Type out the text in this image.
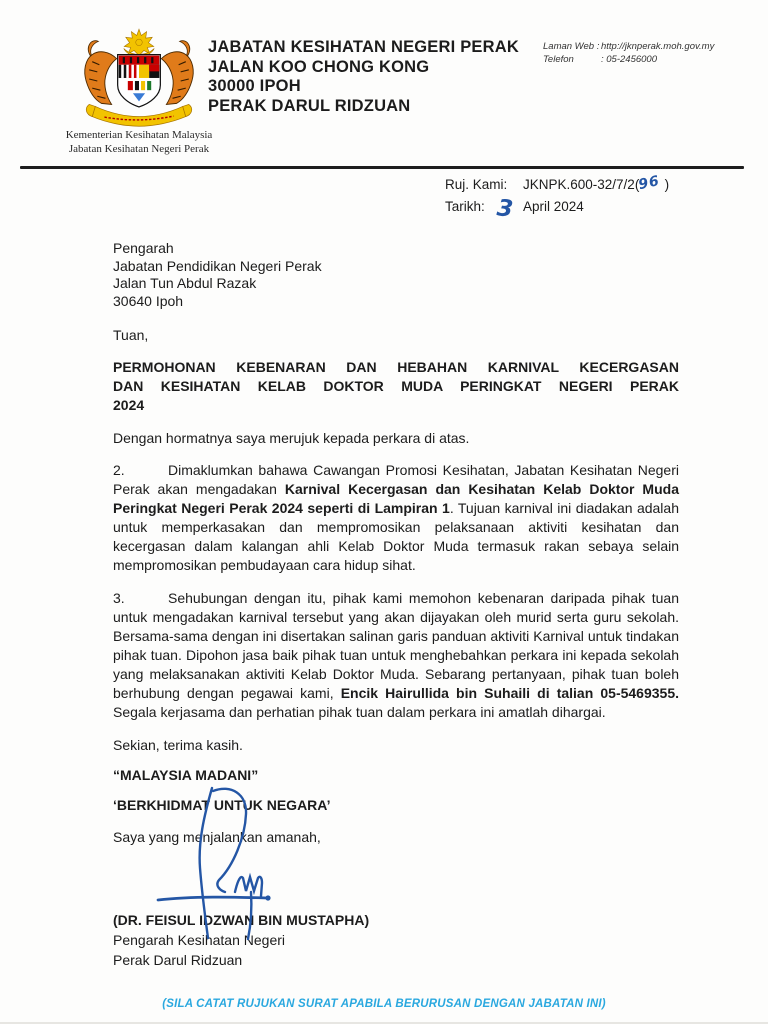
Kementerian Kesihatan Malaysia
Jabatan Kesihatan Negeri Perak
JABATAN KESIHATAN NEGERI PERAK
JALAN KOO CHONG KONG
30000 IPOH
PERAK DARUL RIDZUAN
Laman Web : http://jknperak.moh.gov.my
Telefon	: 05-2456000
Ruj. Kami:	JKNPK.600-32/7/2(96 )
Tarikh: 3 April 2024
Pengarah
Jabatan Pendidikan Negeri Perak
Jalan Tun Abdul Razak
30640 Ipoh
Tuan,
PERMOHONAN KEBENARAN DAN HEBAHAN KARNIVAL KECERGASAN
DAN KESIHATAN KELAB DOKTOR MUDA PERINGKAT NEGERI PERAK
2024
Dengan hormatnya saya merujuk kepada perkara di atas.
2.	Dimaklumkan bahawa Cawangan Promosi Kesihatan, Jabatan Kesihatan Negeri Perak akan mengadakan Karnival Kecergasan dan Kesihatan Kelab Doktor Muda Peringkat Negeri Perak 2024 seperti di Lampiran 1. Tujuan karnival ini diadakan adalah untuk memperkasakan dan mempromosikan pelaksanaan aktiviti kesihatan dan kecergasan dalam kalangan ahli Kelab Doktor Muda termasuk rakan sebaya selain mempromosikan pembudayaan cara hidup sihat.
3.	Sehubungan dengan itu, pihak kami memohon kebenaran daripada pihak tuan untuk mengadakan karnival tersebut yang akan dijayakan oleh murid serta guru sekolah. Bersama-sama dengan ini disertakan salinan garis panduan aktiviti Karnival untuk tindakan pihak tuan. Dipohon jasa baik pihak tuan untuk menghebahkan perkara ini kepada sekolah yang melaksanakan aktiviti Kelab Doktor Muda. Sebarang pertanyaan, pihak tuan boleh berhubung dengan pegawai kami, Encik Hairullida bin Suhaili di talian 05-5469355. Segala kerjasama dan perhatian pihak tuan dalam perkara ini amatlah dihargai.
Sekian, terima kasih.
“MALAYSIA MADANI”
‘BERKHIDMAT UNTUK NEGARA’
Saya yang menjalankan amanah,
(DR. FEISUL IDZWAN BIN MUSTAPHA)
Pengarah Kesihatan Negeri
Perak Darul Ridzuan
(SILA CATAT RUJUKAN SURAT APABILA BERURUSAN DENGAN JABATAN INI)
